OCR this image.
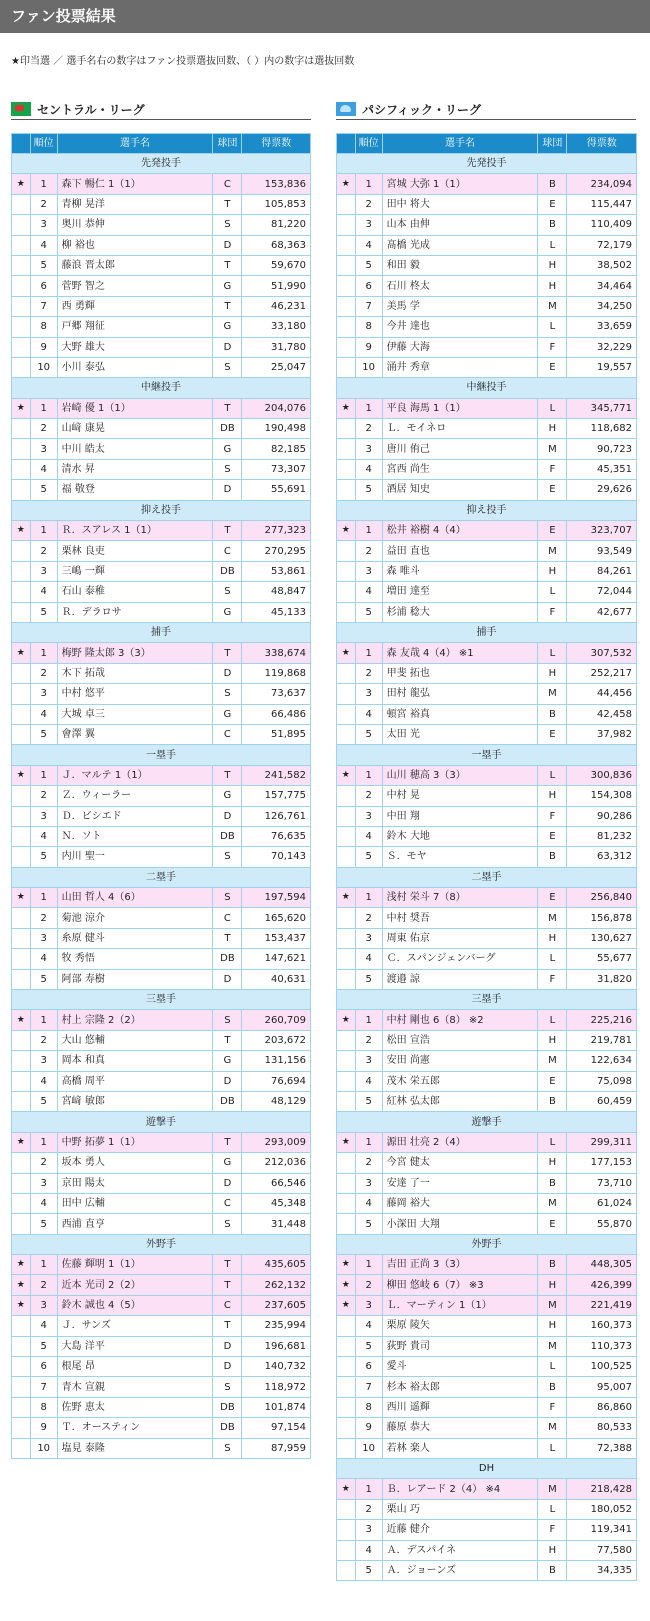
ファン投票結果
★印当選 ／ 選手名右の数字はファン投票選抜回数、（ ）内の数字は選抜回数
セントラル・リーグ	パシフィック・リーグ
	順位	選手名	球団	得票数
先発投手				
★	1	森下 暢仁 1（1）	C	153,836
	2	青柳 晃洋	T	105,853
	3	奥川 恭伸	S	81,220
	4	柳 裕也	D	68,363
	5	藤浪 晋太郎	T	59,670
	6	菅野 智之	G	51,990
	7	西 勇輝	T	46,231
	8	戸郷 翔征	G	33,180
	9	大野 雄大	D	31,780
	10	小川 泰弘	S	25,047
中継投手				
★	1	岩崎 優 1（1）	T	204,076
	2	山﨑 康晃	DB	190,498
	3	中川 皓太	G	82,185
	4	清水 昇	S	73,307
	5	福 敬登	D	55,691
抑え投手				
★	1	Ｒ．スアレス 1（1）	T	277,323
	2	栗林 良吏	C	270,295
	3	三嶋 一輝	DB	53,861
	4	石山 泰稚	S	48,847
	5	Ｒ．デラロサ	G	45,133
捕手				
★	1	梅野 隆太郎 3（3）	T	338,674
	2	木下 拓哉	D	119,868
	3	中村 悠平	S	73,637
	4	大城 卓三	G	66,486
	5	會澤 翼	C	51,895
一塁手				
★	1	Ｊ．マルテ 1（1）	T	241,582
	2	Ｚ．ウィーラー	G	157,775
	3	Ｄ．ビシエド	D	126,761
	4	Ｎ．ソト	DB	76,635
	5	内川 聖一	S	70,143
二塁手				
★	1	山田 哲人 4（6）	S	197,594
	2	菊池 涼介	C	165,620
	3	糸原 健斗	T	153,437
	4	牧 秀悟	DB	147,621
	5	阿部 寿樹	D	40,631
三塁手				
★	1	村上 宗隆 2（2）	S	260,709
	2	大山 悠輔	T	203,672
	3	岡本 和真	G	131,156
	4	高橋 周平	D	76,694
	5	宮﨑 敏郎	DB	48,129
遊撃手				
★	1	中野 拓夢 1（1）	T	293,009
	2	坂本 勇人	G	212,036
	3	京田 陽太	D	66,546
	4	田中 広輔	C	45,348
	5	西浦 直亨	S	31,448
外野手				
★	1	佐藤 輝明 1（1）	T	435,605
★	2	近本 光司 2（2）	T	262,132
★	3	鈴木 誠也 4（5）	C	237,605
	4	Ｊ．サンズ	T	235,994
	5	大島 洋平	D	196,681
	6	根尾 昂	D	140,732
	7	青木 宣親	S	118,972
	8	佐野 恵太	DB	101,874
	9	Ｔ．オースティン	DB	97,154
	10	塩見 泰隆	S	87,959
	順位	選手名	球団	得票数
先発投手				
★	1	宮城 大弥 1（1）	B	234,094
	2	田中 将大	E	115,447
	3	山本 由伸	B	110,409
	4	髙橋 光成	L	72,179
	5	和田 毅	H	38,502
	6	石川 柊太	H	34,464
	7	美馬 学	M	34,250
	8	今井 達也	L	33,659
	9	伊藤 大海	F	32,229
	10	涌井 秀章	E	19,557
中継投手				
★	1	平良 海馬 1（1）	L	345,771
	2	Ｌ．モイネロ	H	118,682
	3	唐川 侑己	M	90,723
	4	宮西 尚生	F	45,351
	5	酒居 知史	E	29,626
抑え投手				
★	1	松井 裕樹 4（4）	E	323,707
	2	益田 直也	M	93,549
	3	森 唯斗	H	84,261
	4	増田 達至	L	72,044
	5	杉浦 稔大	F	42,677
捕手				
★	1	森 友哉 4（4） ※1	L	307,532
	2	甲斐 拓也	H	252,217
	3	田村 龍弘	M	44,456
	4	頓宮 裕真	B	42,458
	5	太田 光	E	37,982
一塁手				
★	1	山川 穂高 3（3）	L	300,836
	2	中村 晃	H	154,308
	3	中田 翔	F	90,286
	4	鈴木 大地	E	81,232
	5	Ｓ．モヤ	B	63,312
二塁手				
★	1	浅村 栄斗 7（8）	E	256,840
	2	中村 奨吾	M	156,878
	3	周東 佑京	H	130,627
	4	Ｃ．スパンジェンバーグ	L	55,677
	5	渡邉 諒	F	31,820
三塁手				
★	1	中村 剛也 6（8） ※2	L	225,216
	2	松田 宣浩	H	219,781
	3	安田 尚憲	M	122,634
	4	茂木 栄五郎	E	75,098
	5	紅林 弘太郎	B	60,459
遊撃手				
★	1	源田 壮亮 2（4）	L	299,311
	2	今宮 健太	H	177,153
	3	安達 了一	B	73,710
	4	藤岡 裕大	M	61,024
	5	小深田 大翔	E	55,870
外野手				
★	1	吉田 正尚 3（3）	B	448,305
★	2	柳田 悠岐 6（7） ※3	H	426,399
★	3	Ｌ．マーティン 1（1）	M	221,419
	4	栗原 陵矢	H	160,373
	5	荻野 貴司	M	110,373
	6	愛斗	L	100,525
	7	杉本 裕太郎	B	95,007
	8	西川 遥輝	F	86,860
	9	藤原 恭大	M	80,533
	10	若林 楽人	L	72,388
DH				
★	1	Ｂ．レアード 2（4） ※4	M	218,428
	2	栗山 巧	L	180,052
	3	近藤 健介	F	119,341
	4	Ａ．デスパイネ	H	77,580
	5	Ａ．ジョーンズ	B	34,335
